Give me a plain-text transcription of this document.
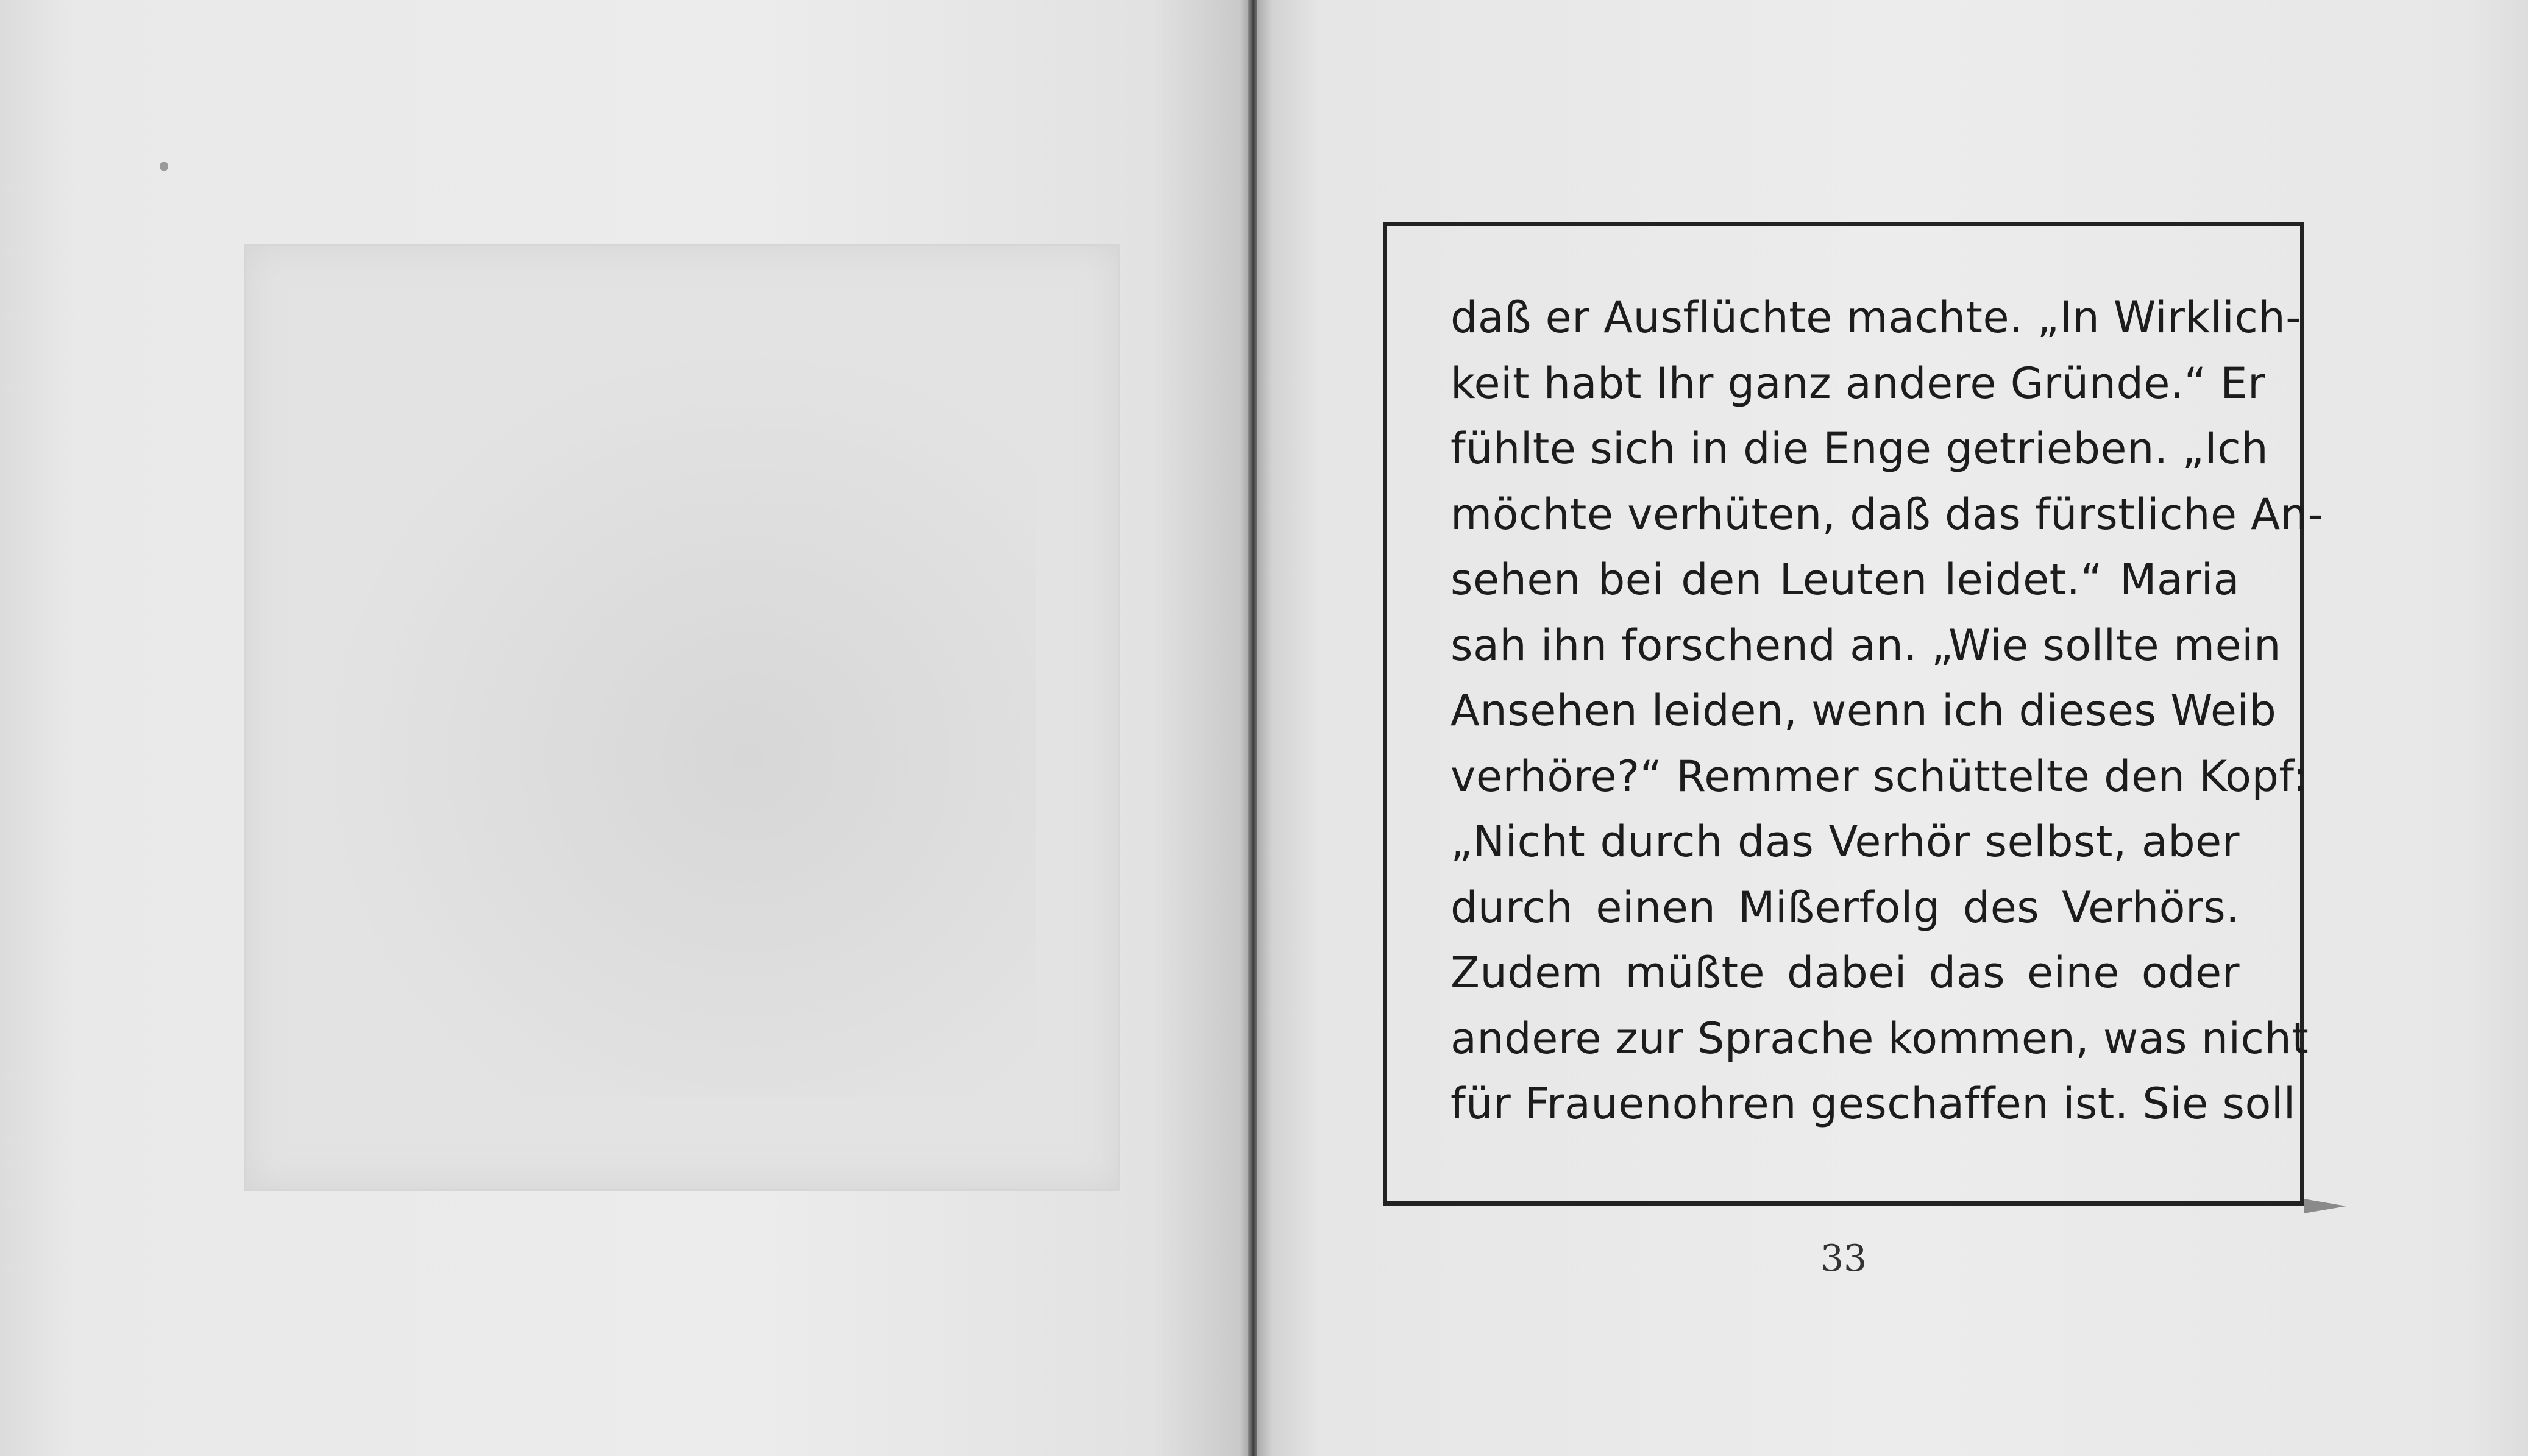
daß er Ausflüchte machte. „In Wirklich-
keit habt Ihr ganz andere Gründe.“ Er
fühlte sich in die Enge getrieben. „Ich
möchte verhüten, daß das fürstliche An-
sehen bei den Leuten leidet.“ Maria
sah ihn forschend an. „Wie sollte mein
Ansehen leiden, wenn ich dieses Weib
verhöre?“ Remmer schüttelte den Kopf:
„Nicht durch das Verhör selbst, aber
durch einen Mißerfolg des Verhörs.
Zudem müßte dabei das eine oder
andere zur Sprache kommen, was nicht
für Frauenohren geschaffen ist. Sie soll
33
